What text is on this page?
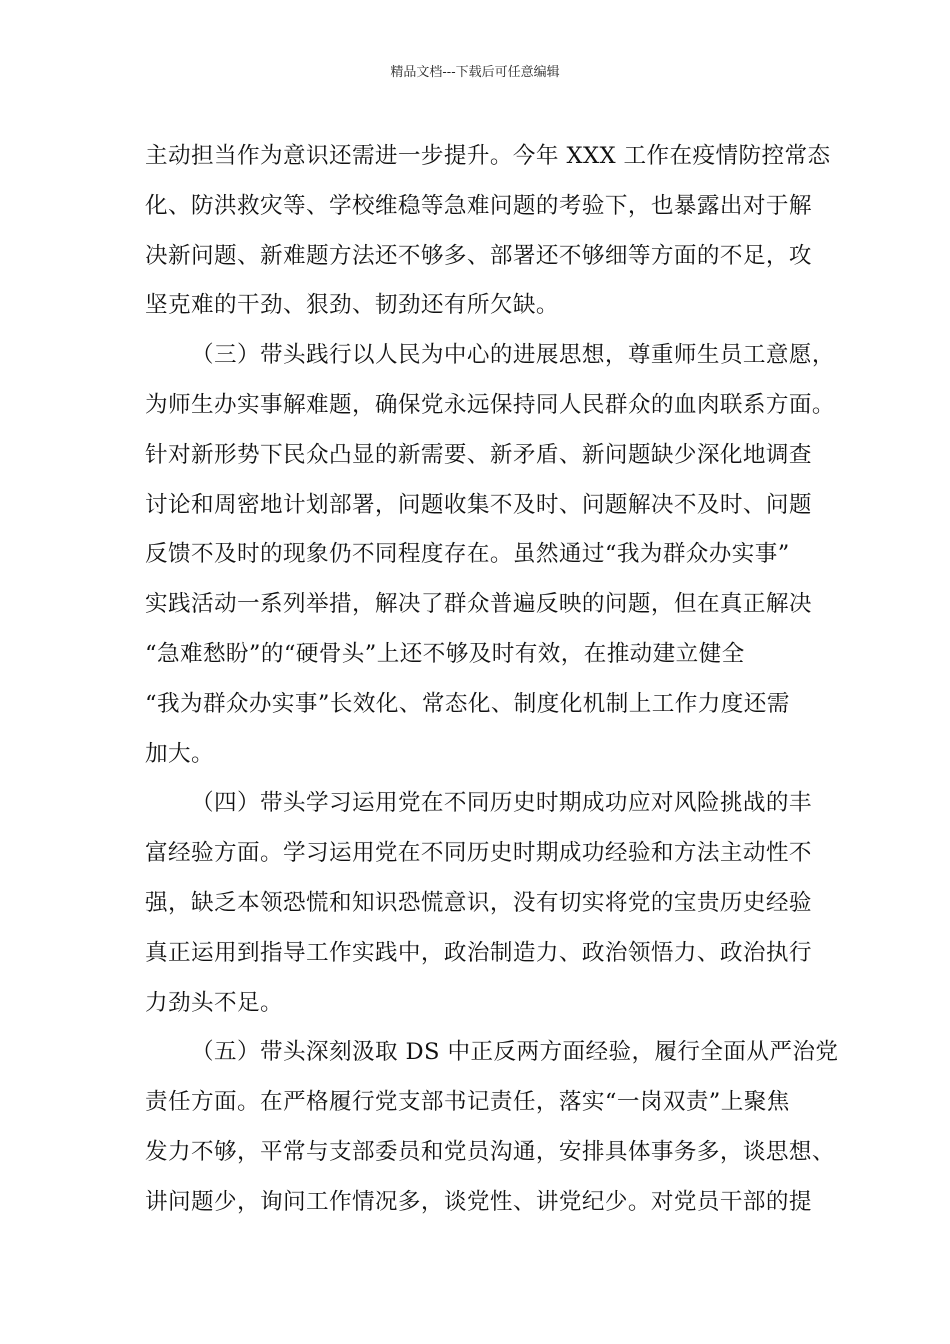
精品文档---下载后可任意编辑

主动担当作为意识还需进一步提升。今年 XXX 工作在疫情防控常态
化、防洪救灾等、学校维稳等急难问题的考验下，也暴露出对于解
决新问题、新难题方法还不够多、部署还不够细等方面的不足，攻
坚克难的干劲、狠劲、韧劲还有所欠缺。

（三）带头践行以人民为中心的进展思想，尊重师生员工意愿，
为师生办实事解难题，确保党永远保持同人民群众的血肉联系方面。
针对新形势下民众凸显的新需要、新矛盾、新问题缺少深化地调查
讨论和周密地计划部署，问题收集不及时、问题解决不及时、问题
反馈不及时的现象仍不同程度存在。虽然通过“我为群众办实事”
实践活动一系列举措，解决了群众普遍反映的问题，但在真正解决
“急难愁盼”的“硬骨头”上还不够及时有效，在推动建立健全
“我为群众办实事”长效化、常态化、制度化机制上工作力度还需
加大。

（四）带头学习运用党在不同历史时期成功应对风险挑战的丰
富经验方面。学习运用党在不同历史时期成功经验和方法主动性不
强，缺乏本领恐慌和知识恐慌意识，没有切实将党的宝贵历史经验
真正运用到指导工作实践中，政治制造力、政治领悟力、政治执行
力劲头不足。

（五）带头深刻汲取 DS 中正反两方面经验，履行全面从严治党
责任方面。在严格履行党支部书记责任，落实“一岗双责”上聚焦
发力不够，平常与支部委员和党员沟通，安排具体事务多，谈思想、
讲问题少，询问工作情况多，谈党性、讲党纪少。对党员干部的提
